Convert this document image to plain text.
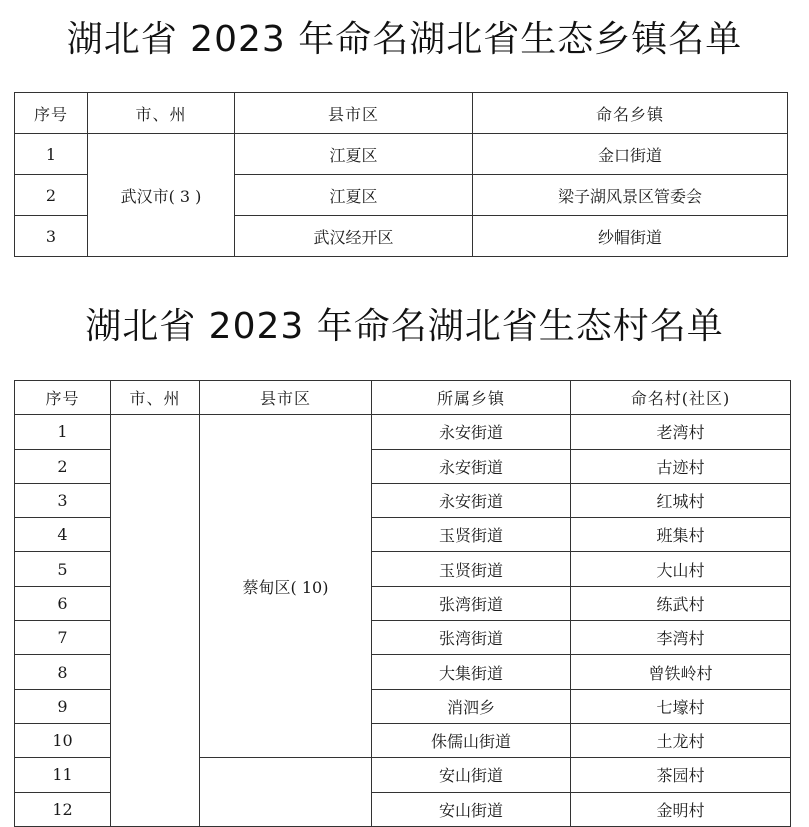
湖北省 2023 年命名湖北省生态乡镇名单
序号	市、州	县市区	命名乡镇
1	武汉市( 3 )	江夏区	金口街道
2		江夏区	梁子湖风景区管委会
3		武汉经开区	纱帽街道
湖北省 2023 年命名湖北省生态村名单
序号	市、州	县市区	所属乡镇	命名村(社区)
1		蔡甸区( 10)	永安街道	老湾村
2			永安街道	古迹村
3			永安街道	红城村
4			玉贤街道	班集村
5			玉贤街道	大山村
6			张湾街道	练武村
7			张湾街道	李湾村
8			大集街道	曾铁岭村
9			消泗乡	七壕村
10			侏儒山街道	土龙村
11			安山街道	茶园村
12			安山街道	金明村
